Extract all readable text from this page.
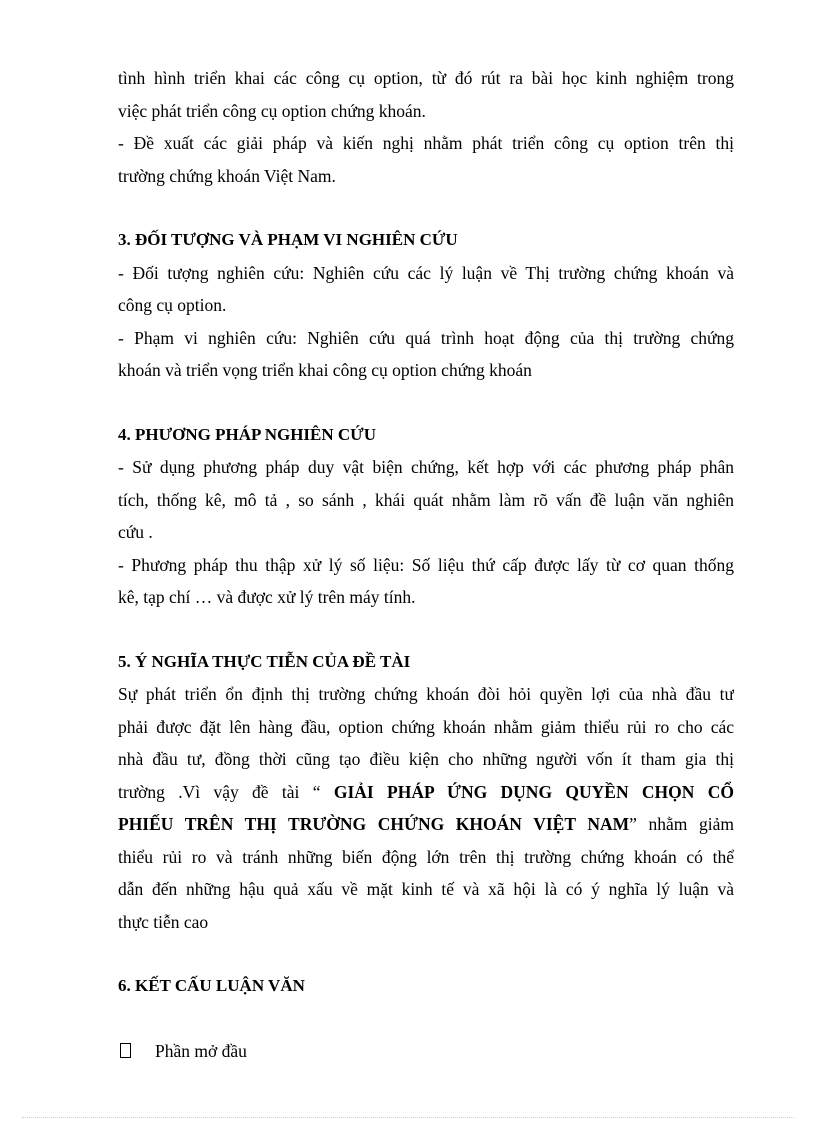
tình hình triển khai các công cụ option, từ đó rút ra bài học kinh nghiệm trong
việc phát triển công cụ option chứng khoán.
- Đề xuất các giải pháp và kiến nghị nhằm phát triển công cụ option trên thị
trường chứng khoán Việt Nam.
3. ĐỐI TƯỢNG VÀ PHẠM VI NGHIÊN CỨU
- Đối tượng nghiên cứu: Nghiên cứu các lý luận về Thị trường chứng khoán và
công cụ option.
- Phạm vi nghiên cứu: Nghiên cứu quá trình hoạt động của thị trường chứng
khoán và triển vọng triển khai công cụ option chứng khoán
4. PHƯƠNG PHÁP NGHIÊN CỨU
- Sử dụng phương pháp duy vật biện chứng, kết hợp với các phương pháp phân
tích, thống kê, mô tả , so sánh , khái quát nhằm làm rõ vấn đề luận văn nghiên
cứu .
- Phương pháp thu thập xử lý số liệu: Số liệu thứ cấp được lấy từ cơ quan thống
kê, tạp chí … và được xử lý trên máy tính.
5. Ý NGHĨA THỰC TIỄN CỦA ĐỀ TÀI
Sự phát triển ổn định thị trường chứng khoán đòi hỏi quyền lợi của nhà đầu tư
phải được đặt lên hàng đầu, option chứng khoán nhằm giảm thiểu rủi ro cho các
nhà đầu tư, đồng thời cũng tạo điều kiện cho những người vốn ít tham gia thị
trường .Vì vậy đề tài “ GIẢI PHÁP ỨNG DỤNG QUYỀN CHỌN CỔ
PHIẾU TRÊN THỊ TRƯỜNG CHỨNG KHOÁN VIỆT NAM” nhằm giảm
thiểu rủi ro và tránh những biến động lớn trên thị trường chứng khoán có thể
dẫn đến những hậu quả xấu về mặt kinh tế và xã hội là có ý nghĩa lý luận và
thực tiễn cao
6. KẾT CẤU LUẬN VĂN
Phần mở đầu
